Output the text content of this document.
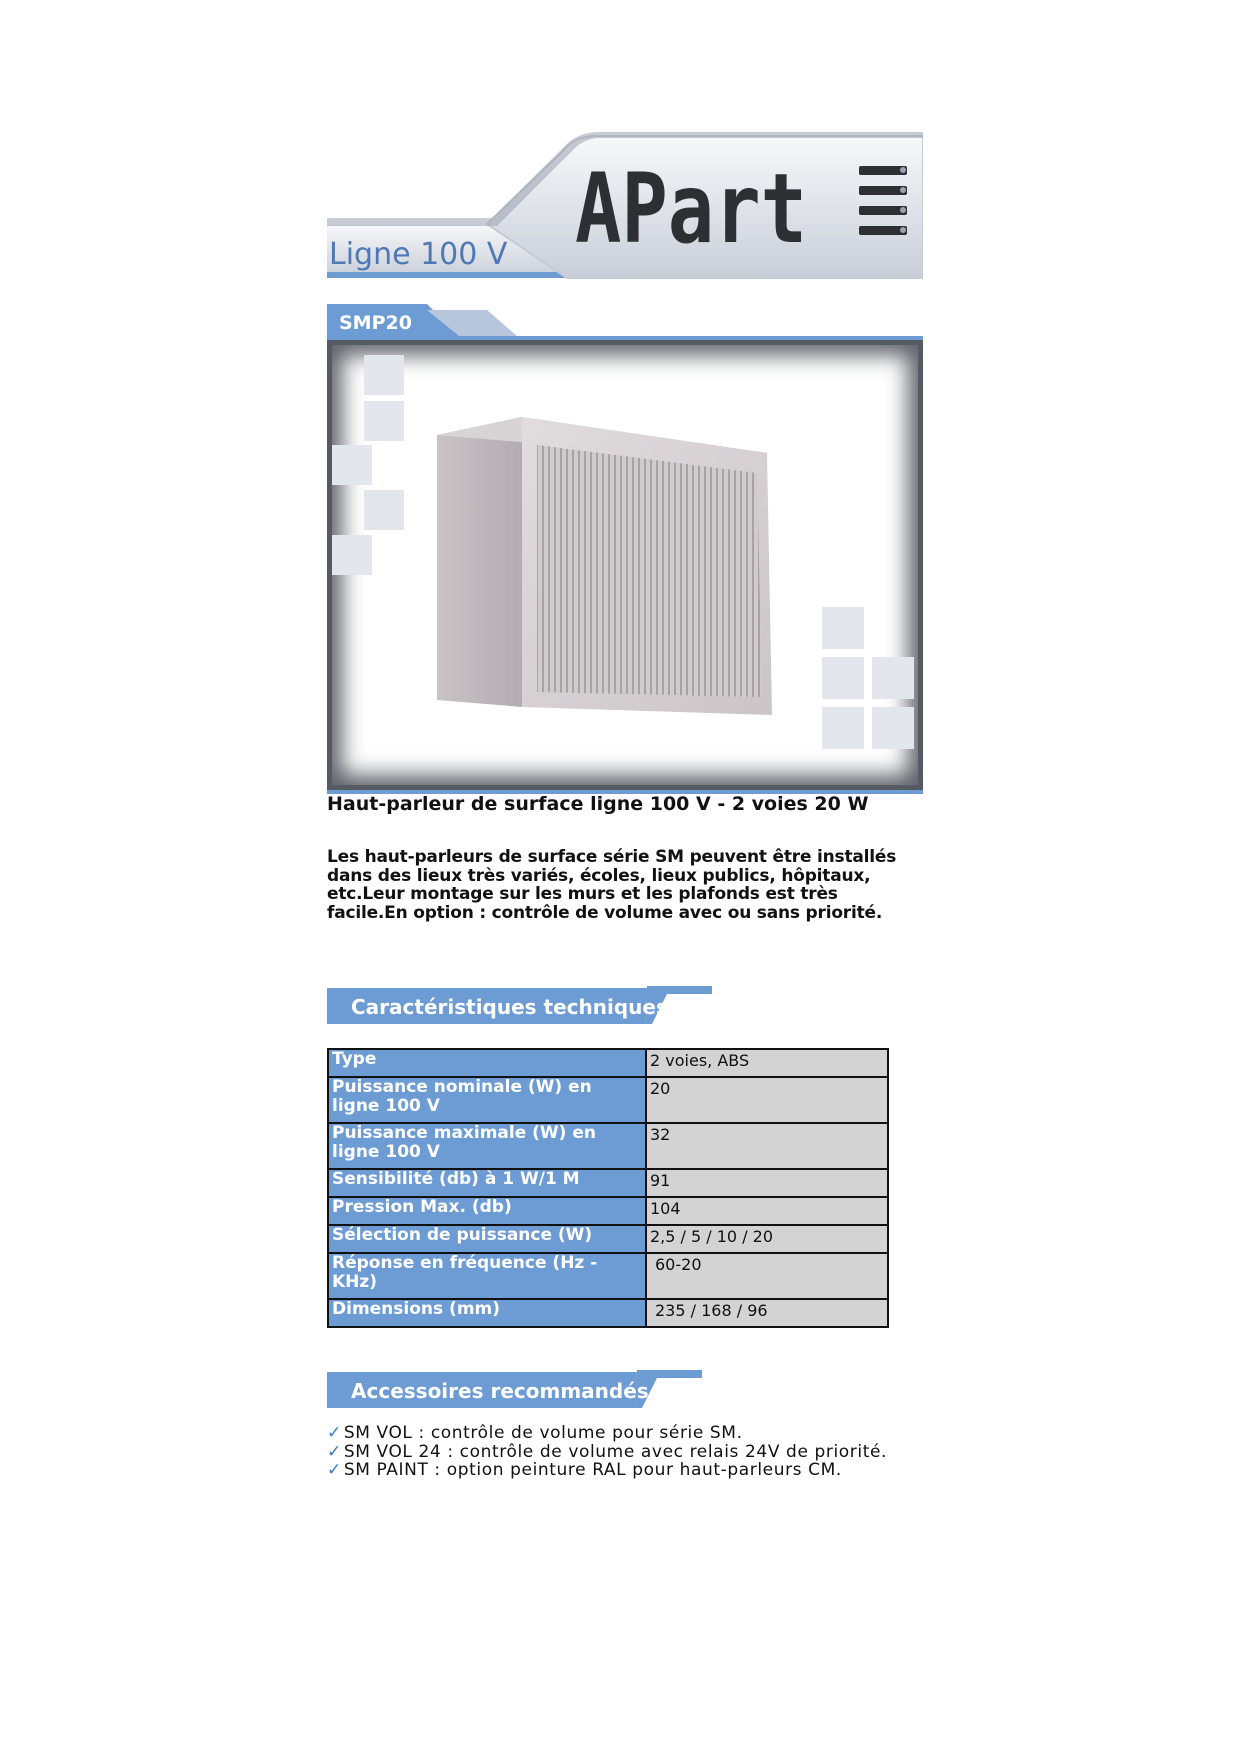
APart
Ligne 100 V
SMP20
Haut-parleur de surface ligne 100 V - 2 voies 20 W
Les haut-parleurs de surface série SM peuvent être installés dans des lieux très variés, écoles, lieux publics, hôpitaux, etc.Leur montage sur les murs et les plafonds est très facile.En option : contrôle de volume avec ou sans priorité.
Caractéristiques techniques
Type	2 voies, ABS
Puissance nominale (W) en ligne 100 V	20
Puissance maximale (W) en ligne 100 V	32
Sensibilité (db) à 1 W/1 M	91
Pression Max. (db)	104
Sélection de puissance (W)	2,5 / 5 / 10 / 20
Réponse en fréquence (Hz - KHz)	60-20
Dimensions (mm)	235 / 168 / 96
Accessoires recommandés
✓ SM VOL : contrôle de volume pour série SM.
✓ SM VOL 24 : contrôle de volume avec relais 24V de priorité.
✓ SM PAINT : option peinture RAL pour haut-parleurs CM.
